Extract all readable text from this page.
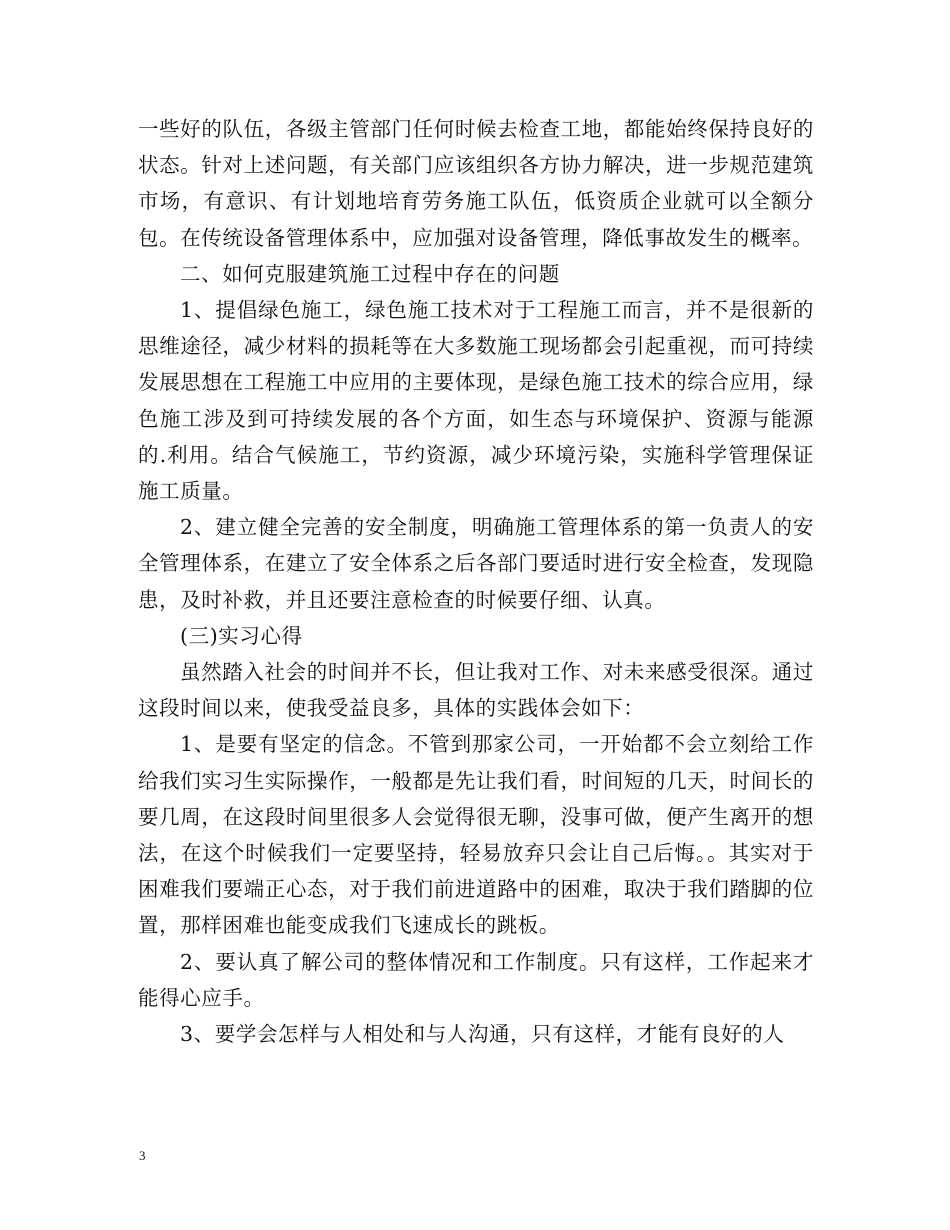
一些好的队伍，各级主管部门任何时候去检查工地，都能始终保持良好的状态。针对上述问题，有关部门应该组织各方协力解决，进一步规范建筑市场，有意识、有计划地培育劳务施工队伍，低资质企业就可以全额分包。在传统设备管理体系中，应加强对设备管理，降低事故发生的概率。

二、如何克服建筑施工过程中存在的问题

1、提倡绿色施工，绿色施工技术对于工程施工而言，并不是很新的思维途径，减少材料的损耗等在大多数施工现场都会引起重视，而可持续发展思想在工程施工中应用的主要体现，是绿色施工技术的综合应用，绿色施工涉及到可持续发展的各个方面，如生态与环境保护、资源与能源的.利用。结合气候施工，节约资源，减少环境污染，实施科学管理保证施工质量。

2、建立健全完善的安全制度，明确施工管理体系的第一负责人的安全管理体系，在建立了安全体系之后各部门要适时进行安全检查，发现隐患，及时补救，并且还要注意检查的时候要仔细、认真。

(三)实习心得

虽然踏入社会的时间并不长，但让我对工作、对未来感受很深。通过这段时间以来，使我受益良多，具体的实践体会如下：

1、是要有坚定的信念。不管到那家公司，一开始都不会立刻给工作给我们实习生实际操作，一般都是先让我们看，时间短的几天，时间长的要几周，在这段时间里很多人会觉得很无聊，没事可做，便产生离开的想法，在这个时候我们一定要坚持，轻易放弃只会让自己后悔。。其实对于困难我们要端正心态，对于我们前进道路中的困难，取决于我们踏脚的位置，那样困难也能变成我们飞速成长的跳板。

2、要认真了解公司的整体情况和工作制度。只有这样，工作起来才能得心应手。

3、要学会怎样与人相处和与人沟通，只有这样，才能有良好的人

3
